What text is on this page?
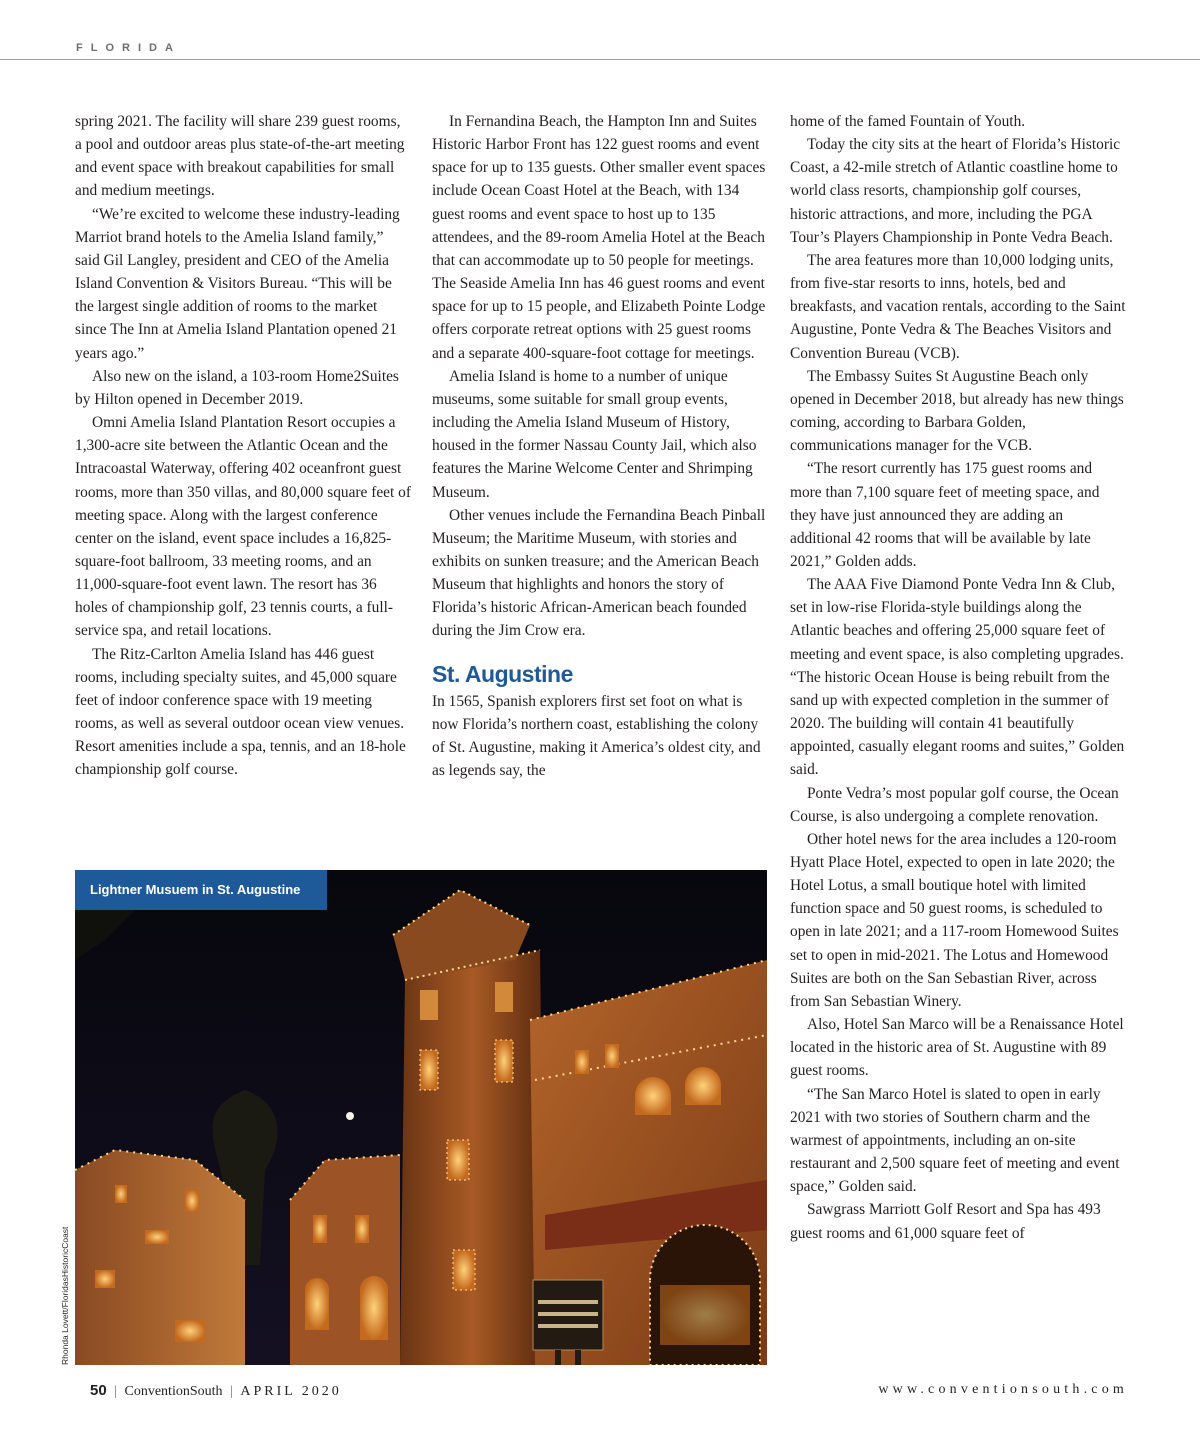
FLORIDA

spring 2021. The facility will share 239 guest rooms, a pool and outdoor areas plus state-of-the-art meeting and event space with breakout capabilities for small and medium meetings.

“We’re excited to welcome these industry-leading Marriot brand hotels to the Amelia Island family,” said Gil Langley, president and CEO of the Amelia Island Convention & Visitors Bureau. “This will be the largest single addition of rooms to the market since The Inn at Amelia Island Plantation opened 21 years ago.”

Also new on the island, a 103-room Home2Suites by Hilton opened in December 2019.

Omni Amelia Island Plantation Resort occupies a 1,300-acre site between the Atlantic Ocean and the Intracoastal Waterway, offering 402 oceanfront guest rooms, more than 350 villas, and 80,000 square feet of meeting space. Along with the largest conference center on the island, event space includes a 16,825-square-foot ballroom, 33 meeting rooms, and an 11,000-square-foot event lawn. The resort has 36 holes of championship golf, 23 tennis courts, a full-service spa, and retail locations.

The Ritz-Carlton Amelia Island has 446 guest rooms, including specialty suites, and 45,000 square feet of indoor conference space with 19 meeting rooms, as well as several outdoor ocean view venues. Resort amenities include a spa, tennis, and an 18-hole championship golf course.

In Fernandina Beach, the Hampton Inn and Suites Historic Harbor Front has 122 guest rooms and event space for up to 135 guests. Other smaller event spaces include Ocean Coast Hotel at the Beach, with 134 guest rooms and event space to host up to 135 attendees, and the 89-room Amelia Hotel at the Beach that can accommodate up to 50 people for meetings. The Seaside Amelia Inn has 46 guest rooms and event space for up to 15 people, and Elizabeth Pointe Lodge offers corporate retreat options with 25 guest rooms and a separate 400-square-foot cottage for meetings.

Amelia Island is home to a number of unique museums, some suitable for small group events, including the Amelia Island Museum of History, housed in the former Nassau County Jail, which also features the Marine Welcome Center and Shrimping Museum.

Other venues include the Fernandina Beach Pinball Museum; the Maritime Museum, with stories and exhibits on sunken treasure; and the American Beach Museum that highlights and honors the story of Florida’s historic African-American beach founded during the Jim Crow era.

St. Augustine

In 1565, Spanish explorers first set foot on what is now Florida’s northern coast, establishing the colony of St. Augustine, making it America’s oldest city, and as legends say, the

home of the famed Fountain of Youth.

Today the city sits at the heart of Florida’s Historic Coast, a 42-mile stretch of Atlantic coastline home to world class resorts, championship golf courses, historic attractions, and more, including the PGA Tour’s Players Championship in Ponte Vedra Beach.

The area features more than 10,000 lodging units, from five-star resorts to inns, hotels, bed and breakfasts, and vacation rentals, according to the Saint Augustine, Ponte Vedra & The Beaches Visitors and Convention Bureau (VCB).

The Embassy Suites St Augustine Beach only opened in December 2018, but already has new things coming, according to Barbara Golden, communications manager for the VCB.

“The resort currently has 175 guest rooms and more than 7,100 square feet of meeting space, and they have just announced they are adding an additional 42 rooms that will be available by late 2021,” Golden adds.

The AAA Five Diamond Ponte Vedra Inn & Club, set in low-rise Florida-style buildings along the Atlantic beaches and offering 25,000 square feet of meeting and event space, is also completing upgrades. “The historic Ocean House is being rebuilt from the sand up with expected completion in the summer of 2020. The building will contain 41 beautifully appointed, casually elegant rooms and suites,” Golden said.

Ponte Vedra’s most popular golf course, the Ocean Course, is also undergoing a complete renovation.

Other hotel news for the area includes a 120-room Hyatt Place Hotel, expected to open in late 2020; the Hotel Lotus, a small boutique hotel with limited function space and 50 guest rooms, is scheduled to open in late 2021; and a 117-room Homewood Suites set to open in mid-2021. The Lotus and Homewood Suites are both on the San Sebastian River, across from San Sebastian Winery.

Also, Hotel San Marco will be a Renaissance Hotel located in the historic area of St. Augustine with 89 guest rooms.

“The San Marco Hotel is slated to open in early 2021 with two stories of Southern charm and the warmest of appointments, including an on-site restaurant and 2,500 square feet of meeting and event space,” Golden said.

Sawgrass Marriott Golf Resort and Spa has 493 guest rooms and 61,000 square feet of

Lightner Musuem in St. Augustine
Rhonda Lovett/FloridasHistoricCoast
50 | ConventionSouth | APRIL 2020	www.conventionsouth.com
